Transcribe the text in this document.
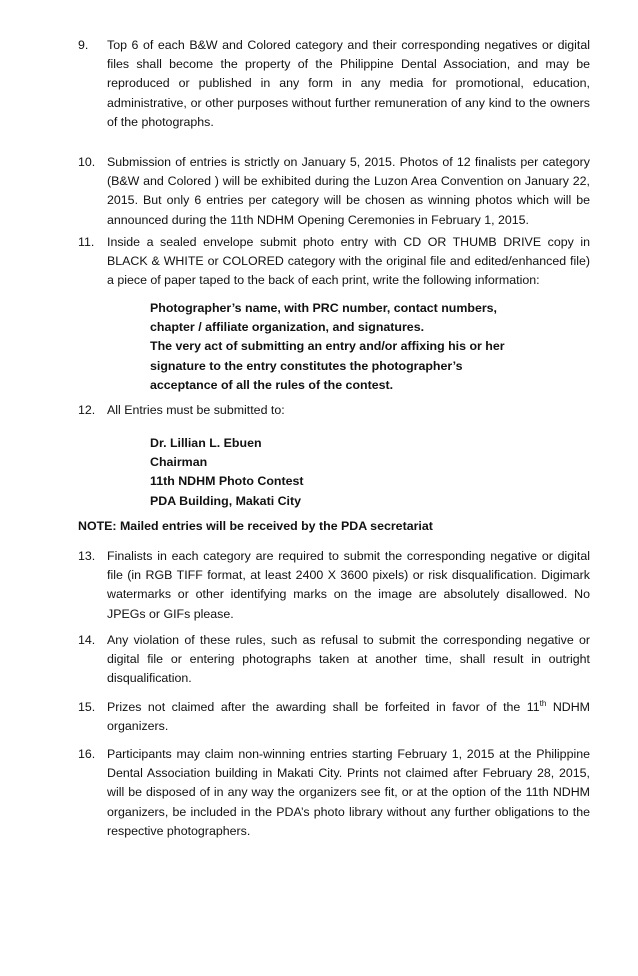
9. Top 6 of each B&W and Colored category and their corresponding negatives or digital files shall become the property of the Philippine Dental Association, and may be reproduced or published in any form in any media for promotional, education, administrative, or other purposes without further remuneration of any kind to the owners of the photographs.
10. Submission of entries is strictly on January 5, 2015. Photos of 12 finalists per category (B&W and Colored ) will be exhibited during the Luzon Area Convention on January 22, 2015. But only 6 entries per category will be chosen as winning photos which will be announced during the 11th NDHM Opening Ceremonies in February 1, 2015.
11. Inside a sealed envelope submit photo entry with CD OR THUMB DRIVE copy in BLACK & WHITE or COLORED category with the original file and edited/enhanced file) a piece of paper taped to the back of each print, write the following information:
Photographer’s name, with PRC number, contact numbers,
chapter / affiliate organization, and signatures.
The very act of submitting an entry and/or affixing his or her
signature to the entry constitutes the photographer’s
acceptance of all the rules of the contest.
12. All Entries must be submitted to:
Dr. Lillian L. Ebuen
Chairman
11th NDHM Photo Contest
PDA Building, Makati City
NOTE: Mailed entries will be received by the PDA secretariat
13. Finalists in each category are required to submit the corresponding negative or digital file (in RGB TIFF format, at least 2400 X 3600 pixels) or risk disqualification. Digimark watermarks or other identifying marks on the image are absolutely disallowed. No JPEGs or GIFs please.
14. Any violation of these rules, such as refusal to submit the corresponding negative or digital file or entering photographs taken at another time, shall result in outright disqualification.
15. Prizes not claimed after the awarding shall be forfeited in favor of the 11th NDHM organizers.
16. Participants may claim non-winning entries starting February 1, 2015 at the Philippine Dental Association building in Makati City. Prints not claimed after February 28, 2015, will be disposed of in any way the organizers see fit, or at the option of the 11th NDHM organizers, be included in the PDA’s photo library without any further obligations to the respective photographers.
